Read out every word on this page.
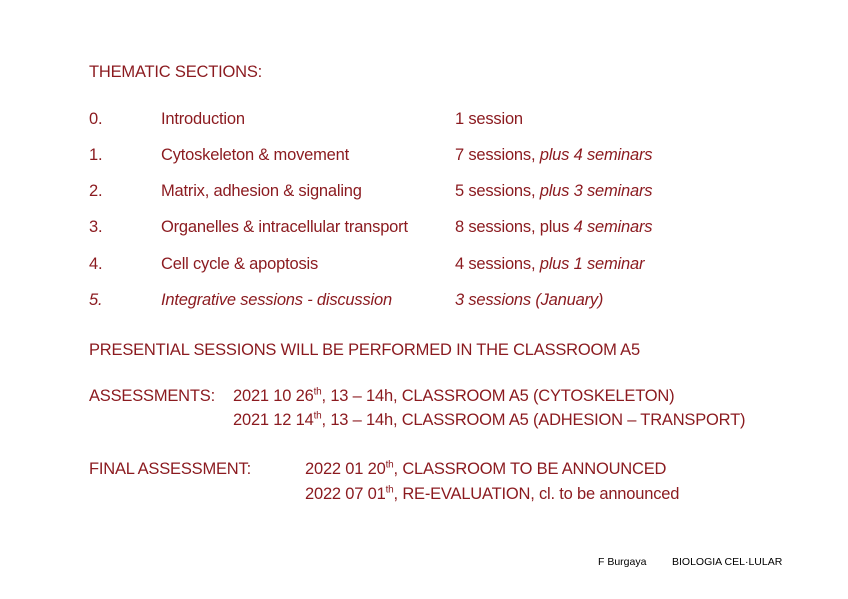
THEMATIC SECTIONS:
0.	Introduction	1 session
1.	Cytoskeleton & movement	7 sessions, plus 4 seminars
2.	Matrix, adhesion & signaling	5 sessions, plus 3 seminars
3.	Organelles & intracellular transport	8 sessions, plus 4 seminars
4.	Cell cycle & apoptosis	4 sessions, plus 1 seminar
5.	Integrative sessions - discussion	3 sessions (January)
PRESENTIAL SESSIONS WILL BE PERFORMED IN THE CLASSROOM A5
ASSESSMENTS: 2021 10 26th, 13 – 14h, CLASSROOM A5 (CYTOSKELETON)
2021 12 14th, 13 – 14h, CLASSROOM A5 (ADHESION – TRANSPORT)
FINAL ASSESSMENT:	2022 01 20th, CLASSROOM TO BE ANNOUNCED
2022 07 01th, RE-EVALUATION, cl. to be announced
F Burgaya BIOLOGIA CEL·LULAR
